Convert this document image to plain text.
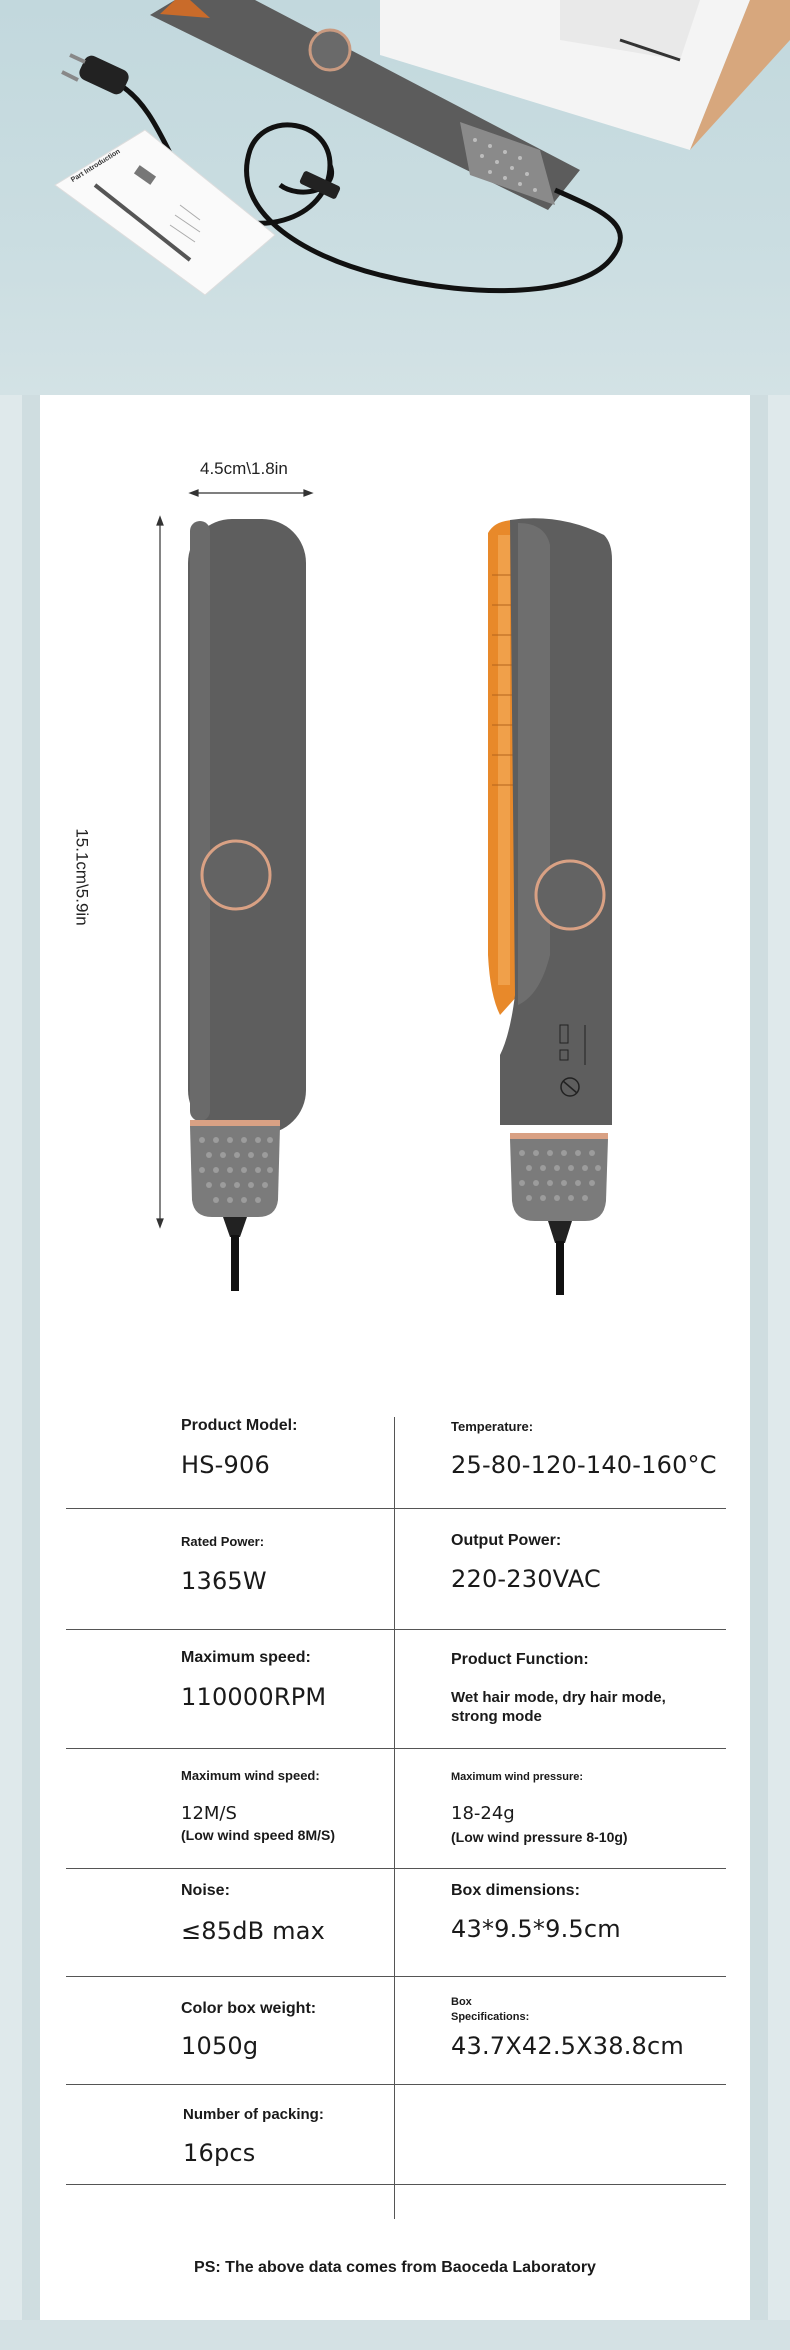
Part Introduction
4.5cm\1.8in
15.1cm\5.9in
Product Model:
HS-906
Temperature:
25-80-120-140-160°C
Rated Power:
1365W
Output Power:
220-230VAC
Maximum speed:
110000RPM
Product Function:
Wet hair mode, dry hair mode, strong mode
Maximum wind speed:
12M/S
(Low wind speed 8M/S)
Maximum wind pressure:
18-24g
(Low wind pressure 8-10g)
Noise:
≤85dB max
Box dimensions:
43*9.5*9.5cm
Color box weight:
1050g
Box Specifications:
43.7X42.5X38.8cm
Number of packing:
16pcs
PS: The above data comes from Baoceda Laboratory
